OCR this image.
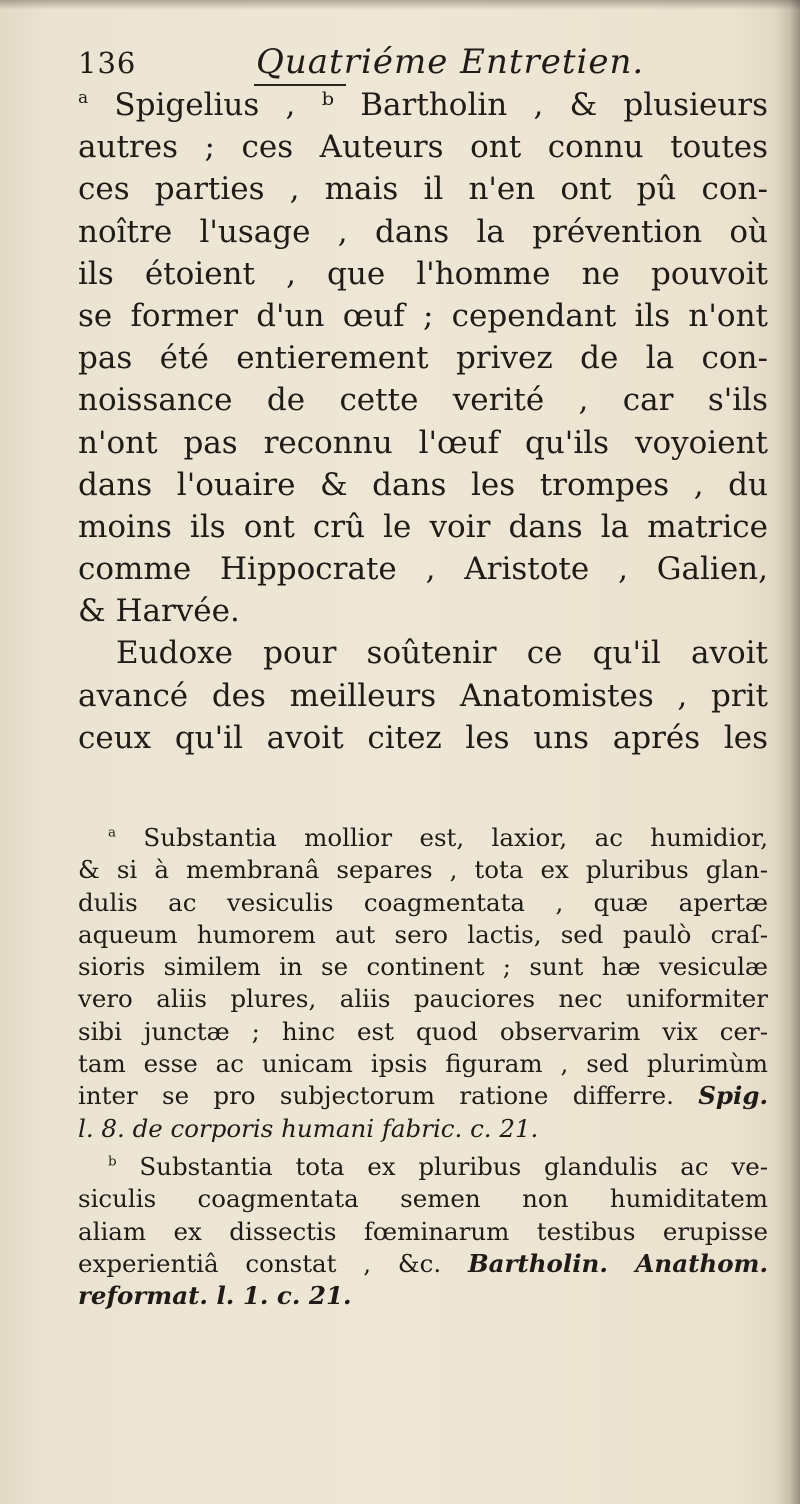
136	Quatriéme Entretien.
$^a$ Spigelius , ᵇ Bartholin , & plusieurs
autres ; ces Auteurs ont connu toutes
ces parties , mais il n'en ont pû con-
noître l'usage , dans la prévention où
ils étoient , que l'homme ne pouvoit
se former d'un œuf ; cependant ils n'ont
pas été entierement privez de la con-
noissance de cette verité , car s'ils
n'ont pas reconnu l'œuf qu'ils voyoient
dans l'ouaire & dans les trompes , du
moins ils ont crû le voir dans la matrice
comme Hippocrate , Aristote , Galien,
& Harvée.
Eudoxe pour soûtenir ce qu'il avoit
avancé des meilleurs Anatomistes , prit
ceux qu'il avoit citez les uns aprés les
$^a$ Substantia mollior est, laxior, ac humidior,
& si à membranâ separes , tota ex pluribus glan-
dulis ac vesiculis coagmentata , quæ apertæ
aqueum humorem aut sero lactis, sed paulò craſ-
sioris similem in se continent ; sunt hæ vesiculæ
vero aliis plures, aliis pauciores nec uniformiter
sibi junctæ ; hinc est quod observarim vix cer-
tam esse ac unicam ipsis figuram , sed plurimùm
inter se pro subjectorum ratione differre. Spig.
l. 8. de corporis humani fabric. c. 21.
$^b$ Substantia tota ex pluribus glandulis ac ve-
siculis coagmentata semen non humiditatem
aliam ex dissectis fœminarum testibus erupisse
experientiâ constat , &c. Bartholin. Anathom.
reformat. l. 1. c. 21.
